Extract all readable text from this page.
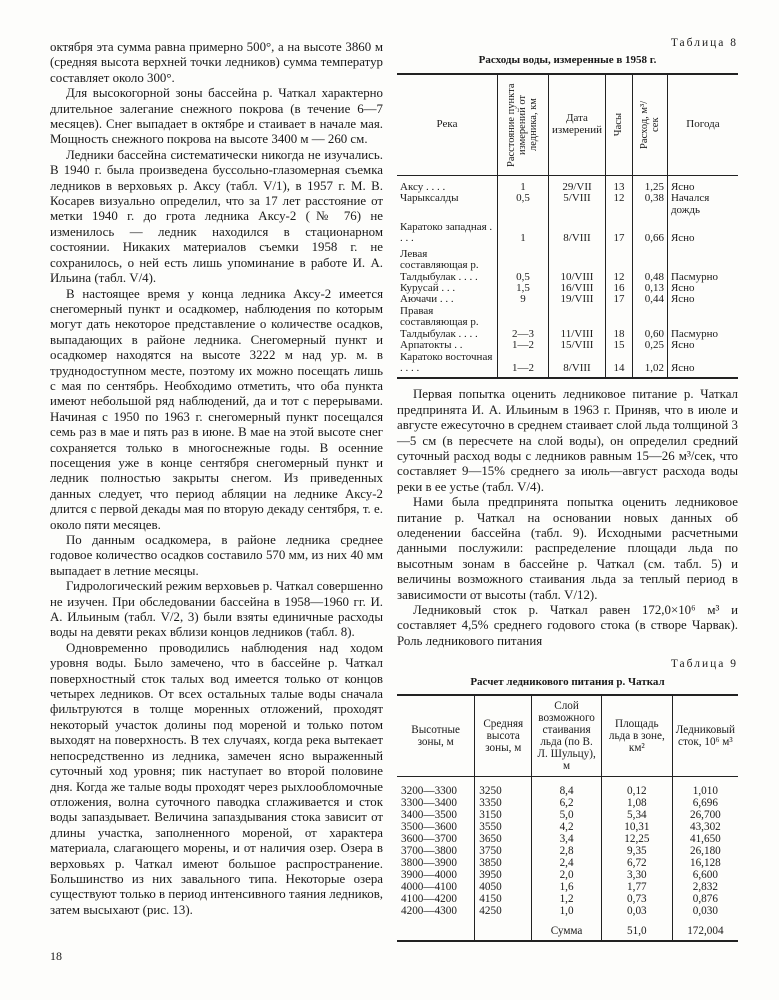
октября эта сумма равна примерно 500°, а на высоте 3860 м (средняя высота верхней точки ледников) сумма температур составляет около 300°.

Для высокогорной зоны бассейна р. Чаткал характерно длительное залегание снежного покрова (в течение 6—7 месяцев). Снег выпадает в октябре и стаивает в начале мая. Мощность снежного покрова на высоте 3400 м — 260 см.

Ледники бассейна систематически никогда не изучались. В 1940 г. была произведена буссольно-глазомерная съемка ледников в верховьях р. Аксу (табл. V/1), в 1957 г. М. В. Косарев визуально определил, что за 17 лет расстояние от метки 1940 г. до грота ледника Аксу-2 (№ 76) не изменилось — ледник находился в стационарном состоянии. Никаких материалов съемки 1958 г. не сохранилось, о ней есть лишь упоминание в работе И. А. Ильина (табл. V/4).

В настоящее время у конца ледника Аксу-2 имеется снегомерный пункт и осадкомер, наблюдения по которым могут дать некоторое представление о количестве осадков, выпадающих в районе ледника. Снегомерный пункт и осадкомер находятся на высоте 3222 м над ур. м. в труднодоступном месте, поэтому их можно посещать лишь с мая по сентябрь. Необходимо отметить, что оба пункта имеют небольшой ряд наблюдений, да и тот с перерывами. Начиная с 1950 по 1963 г. снегомерный пункт посещался семь раз в мае и пять раз в июне. В мае на этой высоте снег сохраняется только в многоснежные годы. В осенние посещения уже в конце сентября снегомерный пункт и ледник полностью закрыты снегом. Из приведенных данных следует, что период абляции на леднике Аксу-2 длится с первой декады мая по вторую декаду сентября, т. е. около пяти месяцев.

По данным осадкомера, в районе ледника среднее годовое количество осадков составило 570 мм, из них 40 мм выпадает в летние месяцы.

Гидрологический режим верховьев р. Чаткал совершенно не изучен. При обследовании бассейна в 1958—1960 гг. И. А. Ильиным (табл. V/2, 3) были взяты единичные расходы воды на девяти реках вблизи концов ледников (табл. 8).

Одновременно проводились наблюдения над ходом уровня воды. Было замечено, что в бассейне р. Чаткал поверхностный сток талых вод имеется только от концов четырех ледников. От всех остальных талые воды сначала фильтруются в толще моренных отложений, проходят некоторый участок долины под мореной и только потом выходят на поверхность. В тех случаях, когда река вытекает непосредственно из ледника, замечен ясно выраженный суточный ход уровня; пик наступает во второй половине дня. Когда же талые воды проходят через рыхлообломочные отложения, волна суточного паводка сглаживается и сток воды запаздывает. Величина запаздывания стока зависит от длины участка, заполненного мореной, от характера материала, слагающего морены, и от наличия озер. Озера в верховьях р. Чаткал имеют большое распространение. Большинство из них завального типа. Некоторые озера существуют только в период интенсивного таяния ледников, затем высыхают (рис. 13).

Таблица 8
Расходы воды, измеренные в 1958 г.
Река	Расстояние пункта измерений от ледника, км	Дата измерений	Часы	Расход, м³/сек	Погода
Аксу . . . .	1	29/VII	13	1,25	Ясно
Чарыксалды	0,5	5/VIII	12	0,38	Начался дождь
Каратоко западная . . . .	1	8/VIII	17	0,66	Ясно
Левая составляющая р. Талдыбулак . . . .	0,5	10/VIII	12	0,48	Пасмурно
Курусай . . .	1,5	16/VIII	16	0,13	Ясно
Аючачи . . .	9	19/VIII	17	0,44	Ясно
Правая составляющая р. Талдыбулак . . . .	2—3	11/VIII	18	0,60	Пасмурно
Арпатокты . .	1—2	15/VIII	15	0,25	Ясно
Каратоко восточная . . . .	1—2	8/VIII	14	1,02	Ясно

Первая попытка оценить ледниковое питание р. Чаткал предпринята И. А. Ильиным в 1963 г. Приняв, что в июле и августе ежесуточно в среднем стаивает слой льда толщиной 3—5 см (в пересчете на слой воды), он определил средний суточный расход воды с ледников равным 15—26 м³/сек, что составляет 9—15% среднего за июль—август расхода воды реки в ее устье (табл. V/4).

Нами была предпринята попытка оценить ледниковое питание р. Чаткал на основании новых данных об оледенении бассейна (табл. 9). Исходными расчетными данными послужили: распределение площади льда по высотным зонам в бассейне р. Чаткал (см. табл. 5) и величины возможного стаивания льда за теплый период в зависимости от высоты (табл. V/12).

Ледниковый сток р. Чаткал равен 172,0×10⁶ м³ и составляет 4,5% среднего годового стока (в створе Чарвак). Роль ледникового питания

Таблица 9
Расчет ледникового питания р. Чаткал
Высотные зоны, м	Средняя высота зоны, м	Слой возможного стаивания льда (по В. Л. Шульцу), м	Площадь льда в зоне, км²	Ледниковый сток, 10⁶ м³
3200—3300	3250	8,4	0,12	1,010
3300—3400	3350	6,2	1,08	6,696
3400—3500	3150	5,0	5,34	26,700
3500—3600	3550	4,2	10,31	43,302
3600—3700	3650	3,4	12,25	41,650
3700—3800	3750	2,8	9,35	26,180
3800—3900	3850	2,4	6,72	16,128
3900—4000	3950	2,0	3,30	6,600
4000—4100	4050	1,6	1,77	2,832
4100—4200	4150	1,2	0,73	0,876
4200—4300	4250	1,0	0,03	0,030
		Сумма	51,0	172,004
18
